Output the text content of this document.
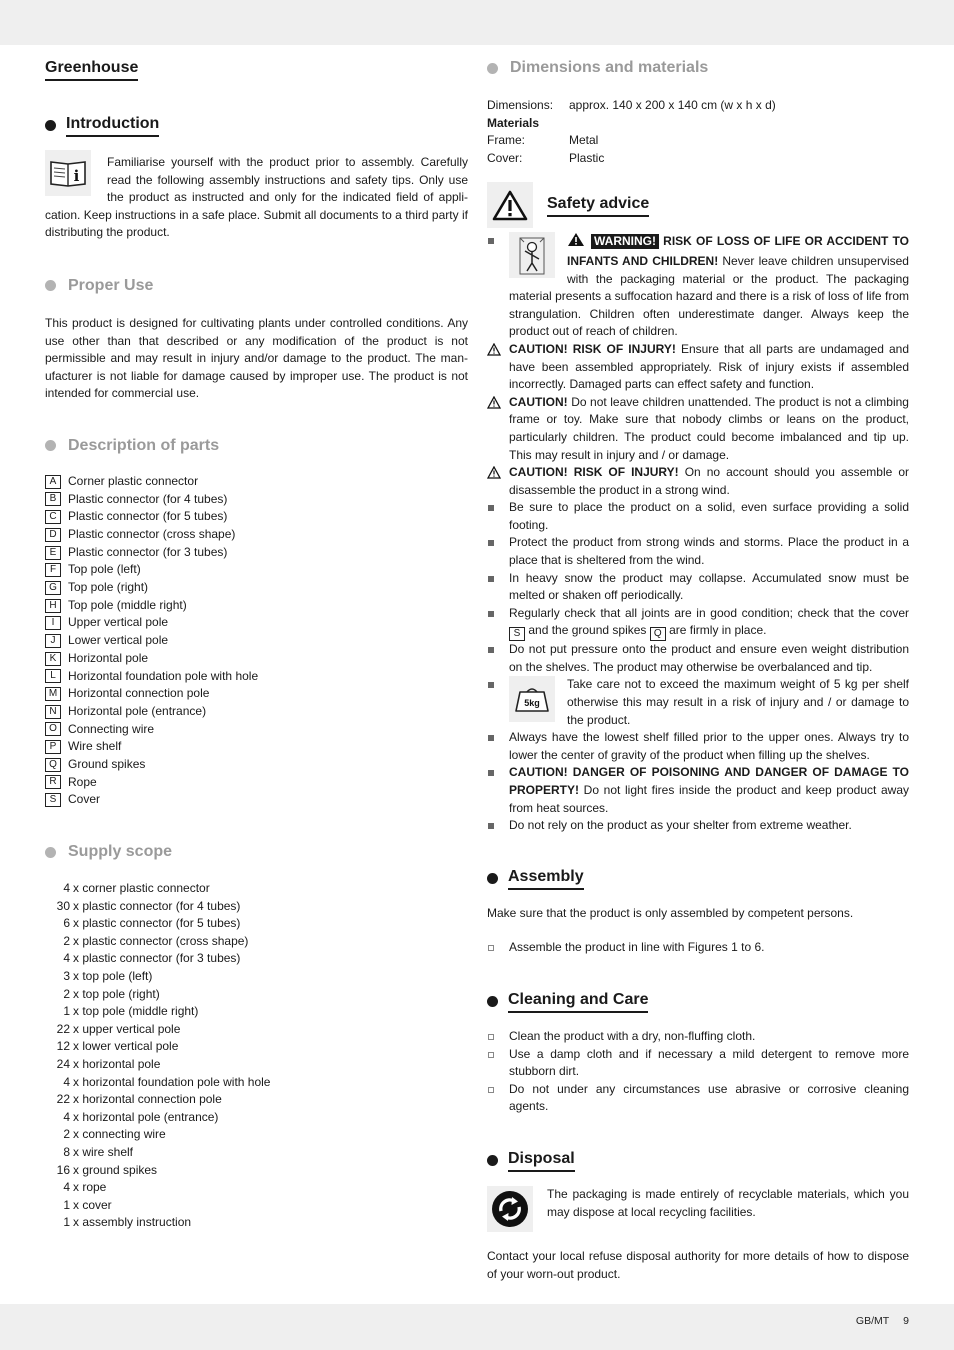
Greenhouse
Introduction
i

Familiarise yourself with the product prior to assembly. Carefully read the following assembly instructions and safety tips. Only use the product as instructed and only for the indicated field of appli-cation. Keep instructions in a safe place. Submit all documents to a third party if distributing the product.

Proper Use

This product is designed for cultivating plants under controlled conditions. Any use other than that described or any modification of the product is not permissible and may result in injury and/or damage to the product. The man-ufacturer is not liable for damage caused by improper use. The product is not intended for commercial use.

Description of parts
A Corner plastic connector
B Plastic connector (for 4 tubes)
C Plastic connector (for 5 tubes)
D Plastic connector (cross shape)
E Plastic connector (for 3 tubes)
F Top pole (left)
G Top pole (right)
H Top pole (middle right)
I	Upper vertical pole
J	Lower vertical pole
K Horizontal pole
L	Horizontal foundation pole with hole
M Horizontal connection pole
N Horizontal pole (entrance)
O Connecting wire
P Wire shelf
Q Ground spikes
R Rope
S Cover
Supply scope
4 x corner plastic connector
30 x plastic connector (for 4 tubes)
6 x plastic connector (for 5 tubes)
2 x plastic connector (cross shape)
4 x plastic connector (for 3 tubes)
3 x top pole (left)
2 x top pole (right)
1 x top pole (middle right)
22 x upper vertical pole
12 x lower vertical pole
24 x horizontal pole
4 x horizontal foundation pole with hole
22 x horizontal connection pole
4 x horizontal pole (entrance)
2 x connecting wire
8 x wire shelf
16 x ground spikes
4 x rope
1 x cover
1 x assembly instruction
Dimensions and materials
Dimensions:	approx. 140 x 200 x 140 cm (w x h x d)
Materials
Frame:	Metal
Cover:	Plastic
Safety advice
WARNING! RISK OF LOSS OF LIFE OR ACCIDENT TO INFANTS AND CHILDREN! Never leave children unsupervised with the packaging material or the product. The packaging material presents a suffocation hazard and there is a risk of loss of life from strangulation. Children often underestimate danger. Always keep the product out of reach of children.
CAUTION! RISK OF INJURY! Ensure that all parts are undamaged and have been assembled appropriately. Risk of injury exists if assembled incorrectly. Damaged parts can effect safety and function.
CAUTION! Do not leave children unattended. The product is not a climbing frame or toy. Make sure that nobody climbs or leans on the product, particularly children. The product could become imbalanced and tip up. This may result in injury and / or damage.
CAUTION! RISK OF INJURY! On no account should you assemble or disassemble the product in a strong wind.
Be sure to place the product on a solid, even surface providing a solid footing.
Protect the product from strong winds and storms. Place the product in a place that is sheltered from the wind.
In heavy snow the product may collapse. Accumulated snow must be melted or shaken off periodically.
Regularly check that all joints are in good condition; check that the cover S and the ground spikes Q are firmly in place.
Do not put pressure onto the product and ensure even weight distribution on the shelves. The product may otherwise be overbalanced and tip.
5kg
Take care not to exceed the maximum weight of 5 kg per shelf otherwise this may result in a risk of injury and / or damage to the product.
Always have the lowest shelf filled prior to the upper ones. Always try to lower the center of gravity of the product when filling up the shelves.
CAUTION! DANGER OF POISONING AND DANGER OF DAMAGE TO PROPERTY! Do not light fires inside the product and keep product away from heat sources.
Do not rely on the product as your shelter from extreme weather.
Assembly

Make sure that the product is only assembled by competent persons.

Assemble the product in line with Figures 1 to 6.
Cleaning and Care
Clean the product with a dry, non-fluffing cloth.
Use a damp cloth and if necessary a mild detergent to remove more stubborn dirt.
Do not under any circumstances use abrasive or corrosive cleaning agents.
Disposal

The packaging is made entirely of recyclable materials, which you may dispose at local recycling facilities.

Contact your local refuse disposal authority for more details of how to dispose of your worn-out product.

GB/MT 9
